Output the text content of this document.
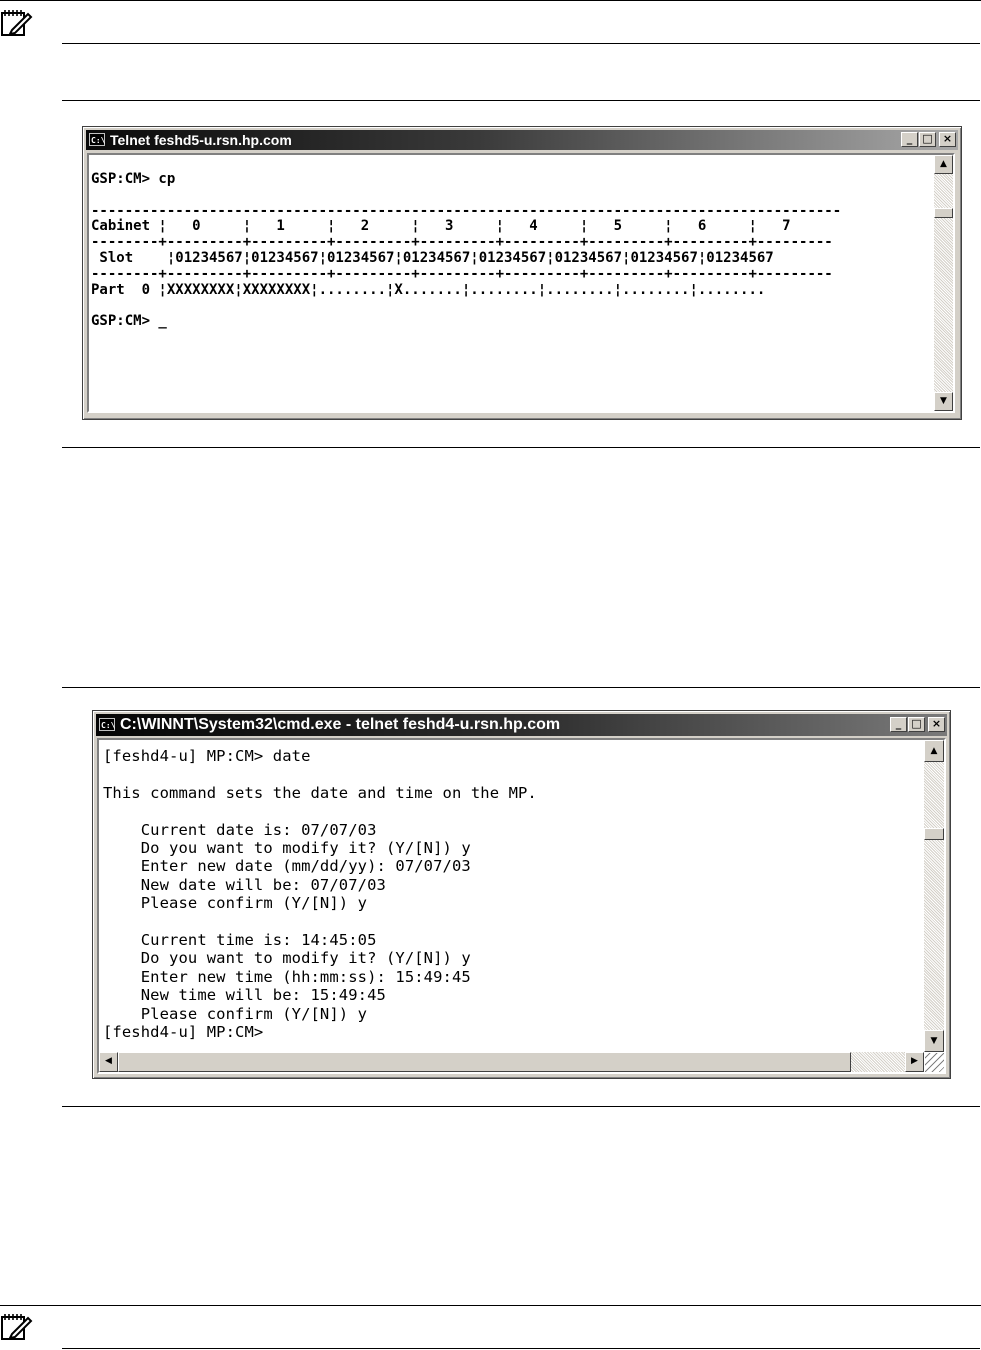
C:\ Telnet feshd5-u.rsn.hp.com	_ □ ×
GSP:CM> cp

-----------------------------------------------------------------------------------------
Cabinet ¦   0     ¦   1     ¦   2     ¦   3     ¦   4     ¦   5     ¦   6     ¦   7
--------+---------+---------+---------+---------+---------+---------+---------+---------
Slot    ¦01234567¦01234567¦01234567¦01234567¦01234567¦01234567¦01234567¦01234567
--------+---------+---------+---------+---------+---------+---------+---------+---------
Part  0 ¦XXXXXXXX¦XXXXXXXX¦........¦X.......¦........¦........¦........¦........

GSP:CM> _
▲
▼
C:\ C:\WINNT\System32\cmd.exe - telnet feshd4-u.rsn.hp.com	_ □ ×
[feshd4-u] MP:CM> date

This command sets the date and time on the MP.

Current date is: 07/07/03
Do you want to modify it? (Y/[N]) y
Enter new date (mm/dd/yy): 07/07/03
New date will be: 07/07/03
Please confirm (Y/[N]) y

Current time is: 14:45:05
Do you want to modify it? (Y/[N]) y
Enter new time (hh:mm:ss): 15:49:45
New time will be: 15:49:45
Please confirm (Y/[N]) y
[feshd4-u] MP:CM>
▲
▼
◀	▶
